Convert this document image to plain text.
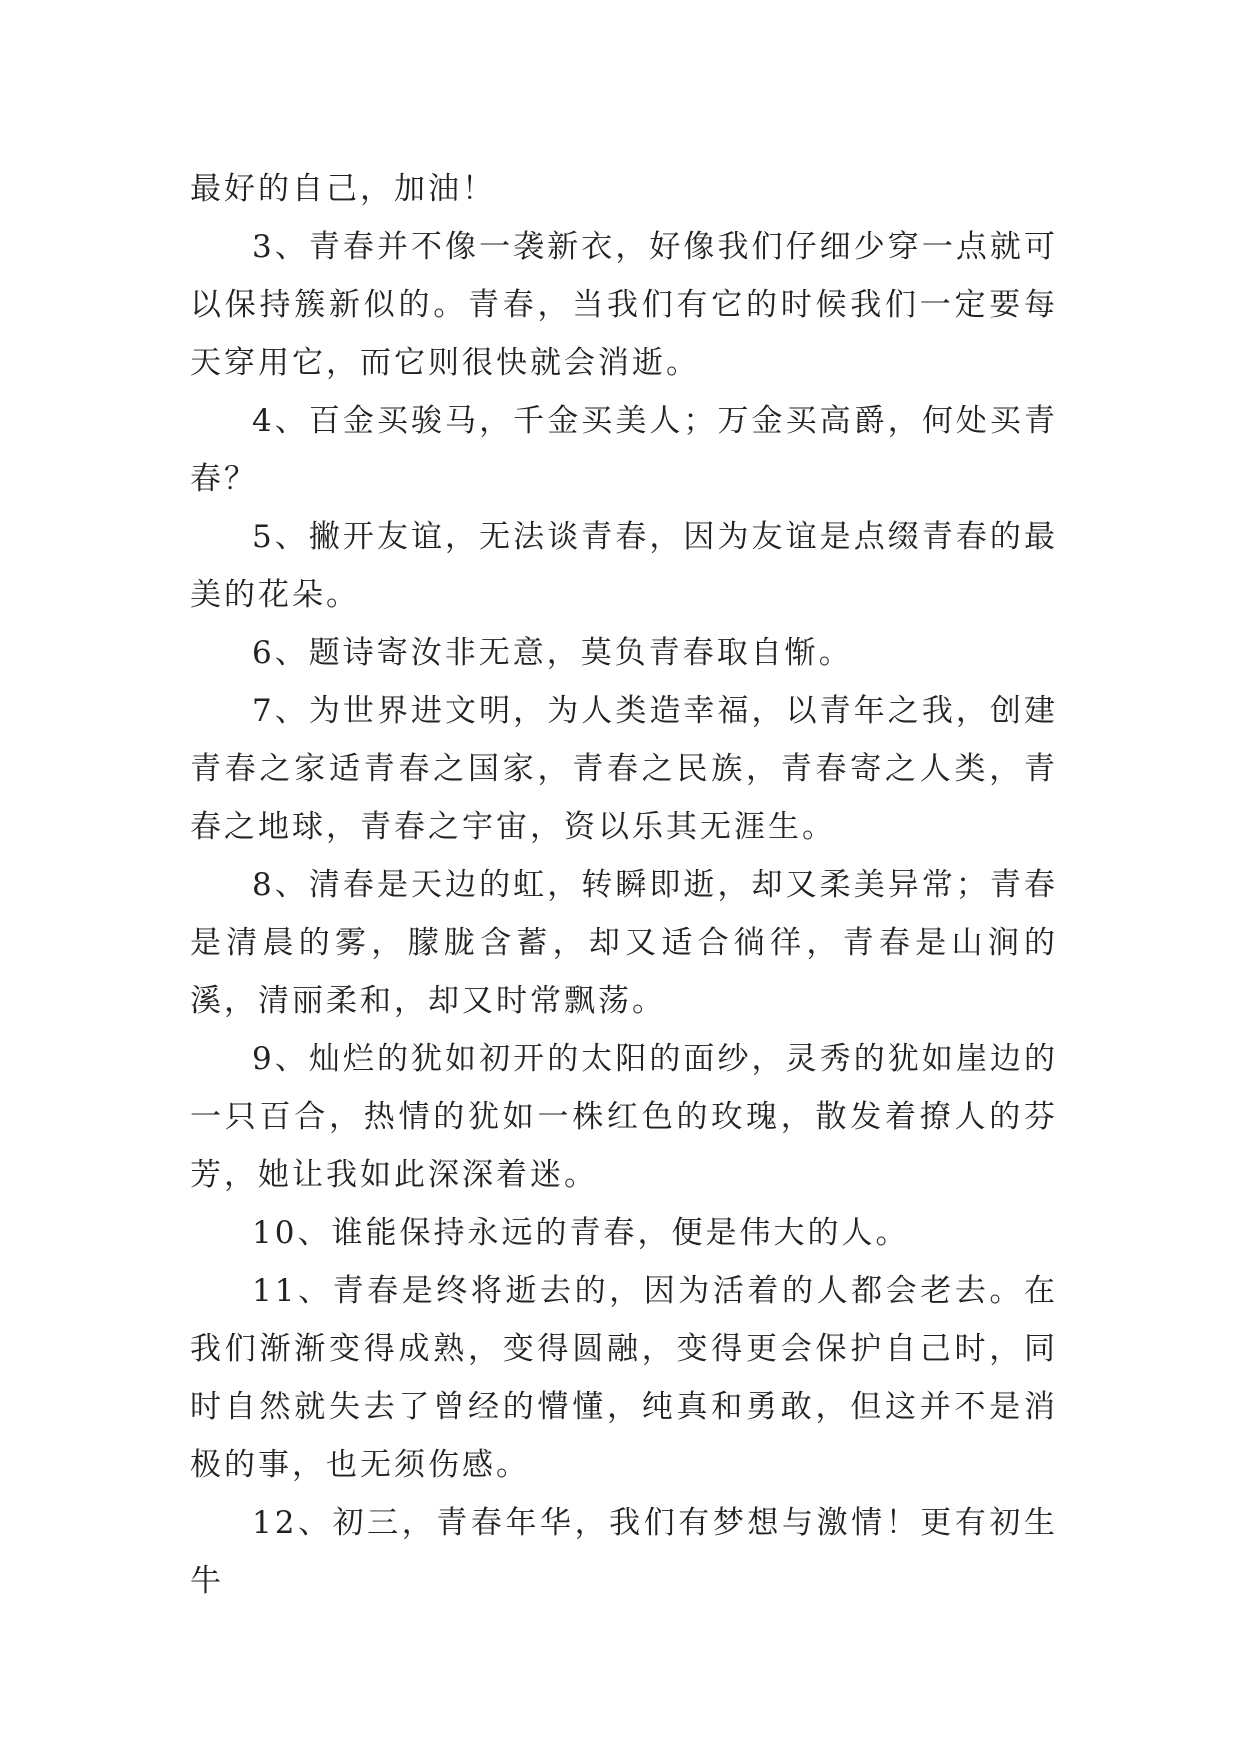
最好的自己，加油！

3、青春并不像一袭新衣，好像我们仔细少穿一点就可以保持簇新似的。青春，当我们有它的时候我们一定要每天穿用它，而它则很快就会消逝。

4、百金买骏马，千金买美人；万金买高爵，何处买青春？

5、撇开友谊，无法谈青春，因为友谊是点缀青春的最美的花朵。

6、题诗寄汝非无意，莫负青春取自惭。

7、为世界进文明，为人类造幸福，以青年之我，创建青春之家适青春之国家，青春之民族，青春寄之人类，青春之地球，青春之宇宙，资以乐其无涯生。

8、清春是天边的虹，转瞬即逝，却又柔美异常；青春是清晨的雾，朦胧含蓄，却又适合徜徉，青春是山涧的溪，清丽柔和，却又时常飘荡。

9、灿烂的犹如初开的太阳的面纱，灵秀的犹如崖边的一只百合，热情的犹如一株红色的玫瑰，散发着撩人的芬芳，她让我如此深深着迷。

10、谁能保持永远的青春，便是伟大的人。

11、青春是终将逝去的，因为活着的人都会老去。在我们渐渐变得成熟，变得圆融，变得更会保护自己时，同时自然就失去了曾经的懵懂，纯真和勇敢，但这并不是消极的事，也无须伤感。

12、初三，青春年华，我们有梦想与激情！更有初生牛
